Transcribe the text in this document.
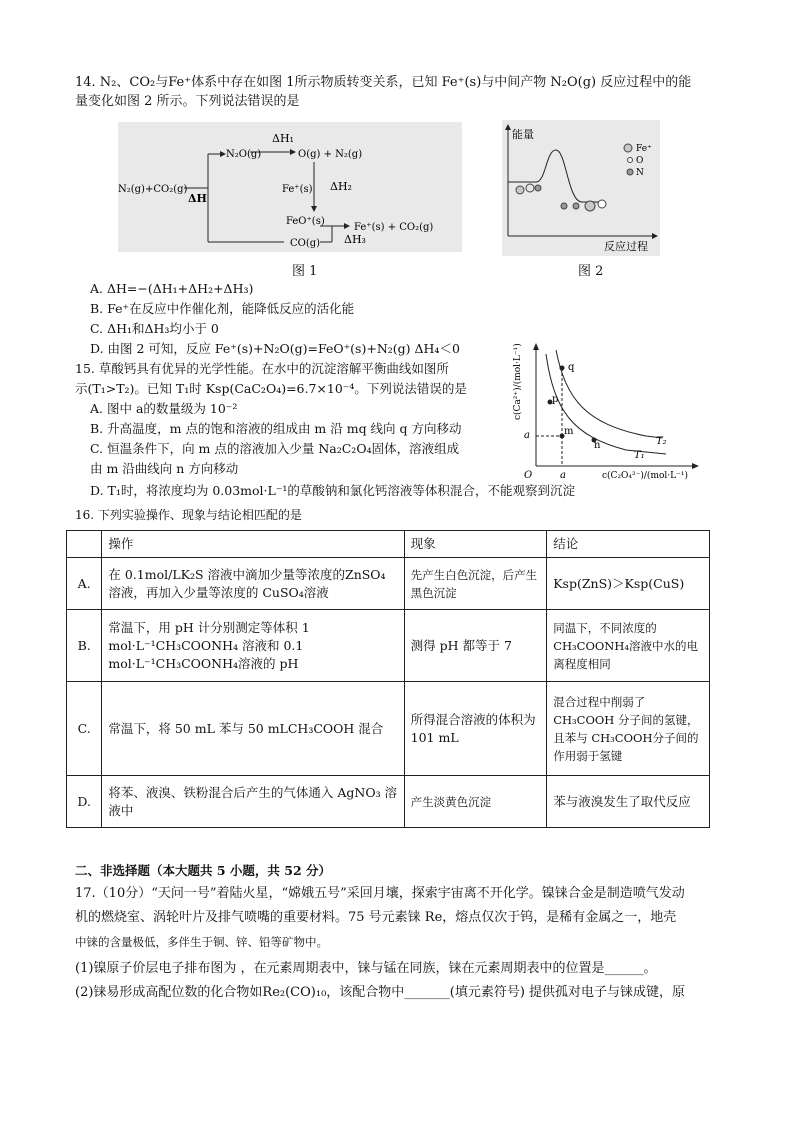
14. N₂、CO₂与Fe⁺体系中存在如图 1所示物质转变关系，已知 Fe⁺(s)与中间产物 N₂O(g) 反应过程中的能
量变化如图 2 所示。下列说法错误的是
ΔH₁
ΔH
ΔH₂
ΔH₃
N₂(g)+CO₂(g)
N₂O(g)	O(g) + N₂(g)
Fe⁺(s)
FeO⁺(s)
CO(g)
Fe⁺(s) + CO₂(g)
图 1
能量
反应过程
Fe⁺
O
N
图 2
A. ΔH=−(ΔH₁+ΔH₂+ΔH₃)
B. Fe⁺在反应中作催化剂，能降低反应的活化能
C. ΔH₁和ΔH₃均小于 0
D. 由图 2 可知，反应 Fe⁺(s)+N₂O(g)=FeO⁺(s)+N₂(g) ΔH₄＜0
15. 草酸钙具有优异的光学性能。在水中的沉淀溶解平衡曲线如图所
示(T₁>T₂)。已知 T₁时 Ksp(CaC₂O₄)=6.7×10⁻⁴。下列说法错误的是
A. 图中 a的数量级为 10⁻²
B. 升高温度，m 点的饱和溶液的组成由 m 沿 mq 线向 q 方向移动
C. 恒温条件下，向 m 点的溶液加入少量 Na₂C₂O₄固体，溶液组成
由 m 沿曲线向 n 方向移动
D. T₁时，将浓度均为 0.03mol·L⁻¹的草酸钠和氯化钙溶液等体积混合，不能观察到沉淀
c(Ca²⁺)/(mol·L⁻¹)
c(C₂O₄²⁻)/(mol·L⁻¹)
O	a
a
q
p
m
n	T₂
T₁
16. 下列实验操作、现象与结论相匹配的是
	操作	现象	结论
A.	在 0.1mol/LK₂S 溶液中滴加少量等浓度的ZnSO₄溶液，再加入少量等浓度的 CuSO₄溶液	先产生白色沉淀，后产生黑色沉淀	Ksp(ZnS)＞Ksp(CuS)
B.	常温下，用 pH 计分别测定等体积 1 mol·L⁻¹CH₃COONH₄ 溶液和 0.1 mol·L⁻¹CH₃COONH₄溶液的 pH	测得 pH 都等于 7	同温下，不同浓度的CH₃COONH₄溶液中水的电离程度相同
C.	常温下，将 50 mL 苯与 50 mLCH₃COOH 混合	所得混合溶液的体积为 101 mL	混合过程中削弱了CH₃COOH 分子间的氢键，且苯与 CH₃COOH分子间的作用弱于氢键
D.	将苯、液溴、铁粉混合后产生的气体通入 AgNO₃ 溶液中	产生淡黄色沉淀	苯与液溴发生了取代反应
二、非选择题（本大题共 5 小题，共 52 分）
17.（10分）“天问一号”着陆火星，“嫦娥五号”采回月壤，探索宇宙离不开化学。镍铼合金是制造喷气发动
机的燃烧室、涡轮叶片及排气喷嘴的重要材料。75 号元素铼 Re，熔点仅次于钨，是稀有金属之一，地壳
中铼的含量极低，多伴生于铜、锌、铅等矿物中。
(1)镍原子价层电子排布图为 ，在元素周期表中，铼与锰在同族，铼在元素周期表中的位置是______。
(2)铼易形成高配位数的化合物如Re₂(CO)₁₀，该配合物中_______(填元素符号) 提供孤对电子与铼成键，原
